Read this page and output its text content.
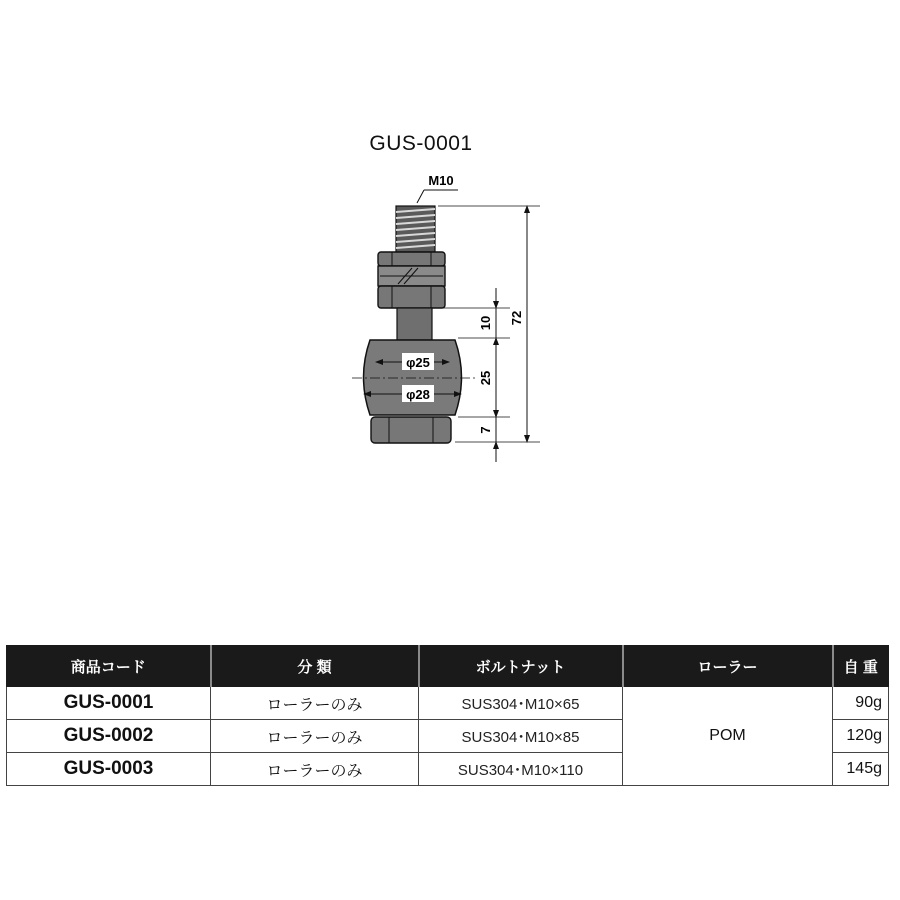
GUS-0001
M10
φ25
φ28
10
25
7
72
商品コード	分 類	ボルトナット	ローラー	自 重
GUS-0001	ローラーのみ	SUS304･M10×65	POM	90g
GUS-0002	ローラーのみ	SUS304･M10×85		120g
GUS-0003	ローラーのみ	SUS304･M10×110		145g
